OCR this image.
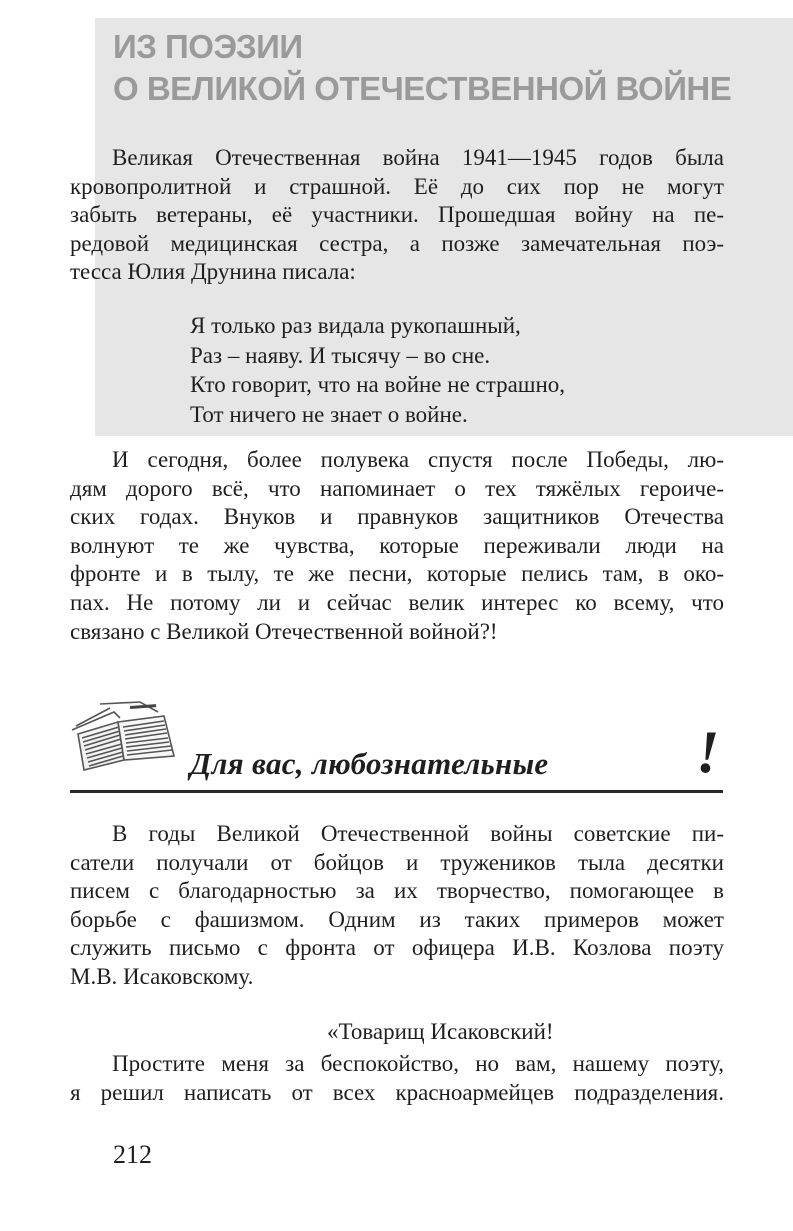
ИЗ ПОЭЗИИ
О ВЕЛИКОЙ ОТЕЧЕСТВЕННОЙ ВОЙНЕ

Великая Отечественная война 1941—1945 годов была
кровопролитной и страшной. Её до сих пор не могут
забыть ветераны, её участники. Прошедшая войну на пе-
редовой медицинская сестра, а позже замечательная поэ-
тесса Юлия Друнина писала:

Я только раз видала рукопашный,
Раз – наяву. И тысячу – во сне.
Кто говорит, что на войне не страшно,
Тот ничего не знает о войне.

И сегодня, более полувека спустя после Победы, лю-
дям дорого всё, что напоминает о тех тяжёлых героиче-
ских годах. Внуков и правнуков защитников Отечества
волнуют те же чувства, которые переживали люди на
фронте и в тылу, те же песни, которые пелись там, в око-
пах. Не потому ли и сейчас велик интерес ко всему, что
связано с Великой Отечественной войной?!

Для вас, любознательные !

В годы Великой Отечественной войны советские пи-
сатели получали от бойцов и тружеников тыла десятки
писем с благодарностью за их творчество, помогающее в
борьбе с фашизмом. Одним из таких примеров может
служить письмо с фронта от офицера И.В. Козлова поэту
М.В. Исаковскому.

«Товарищ Исаковский!

Простите меня за беспокойство, но вам, нашему поэту,
я решил написать от всех красноармейцев подразделения.

212
